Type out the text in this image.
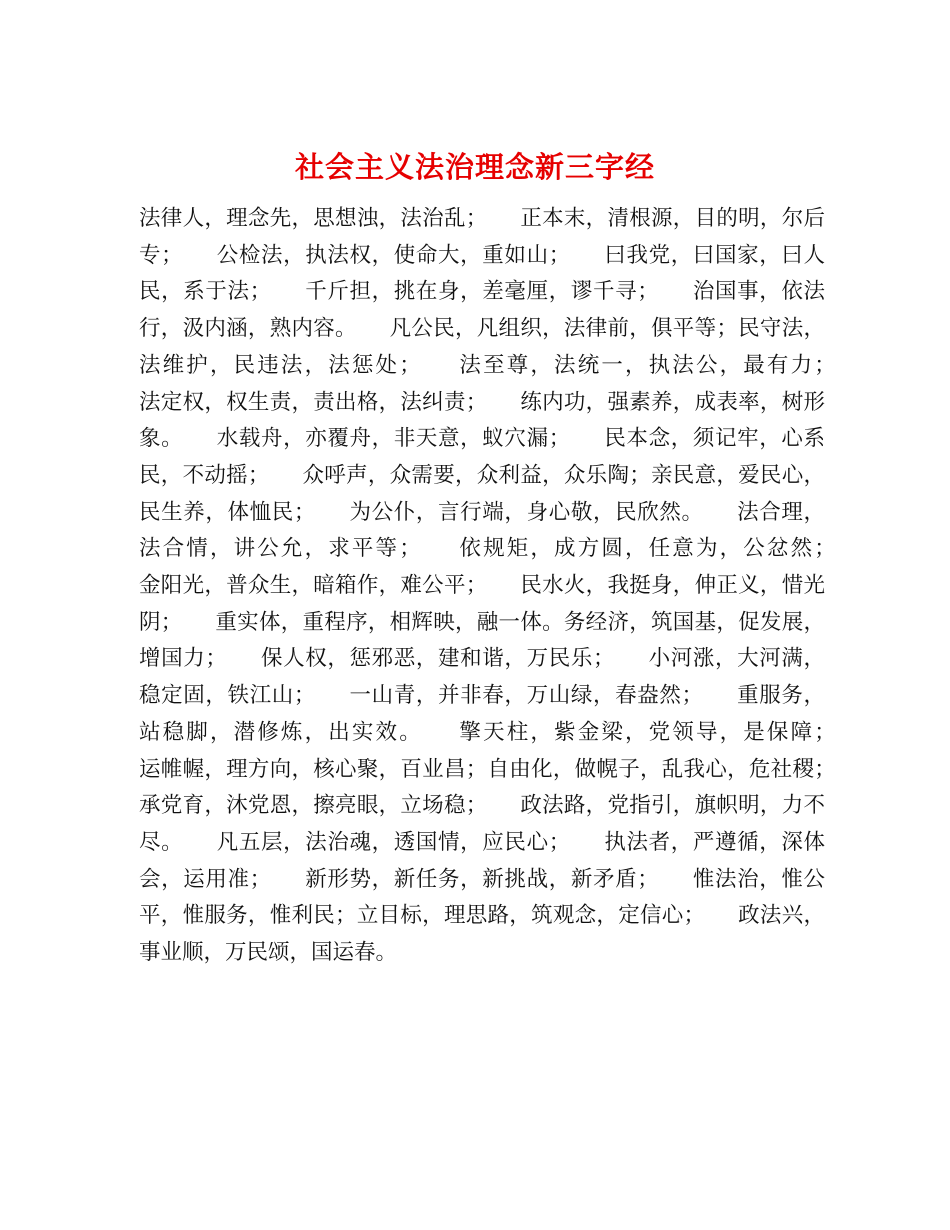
社会主义法治理念新三字经

法律人，理念先，思想浊，法治乱；　　正本末，清根源，目的明，尔后专；　　公检法，执法权，使命大，重如山；　　曰我党，曰国家，曰人民，系于法；　　千斤担，挑在身，差毫厘，谬千寻；　　治国事，依法行，汲内涵，熟内容。　　凡公民，凡组织，法律前，俱平等；民守法，法维护，民违法，法惩处；　　法至尊，法统一，执法公，最有力；　　法定权，权生责，责出格，法纠责；　　练内功，强素养，成表率，树形象。　　水载舟，亦覆舟，非天意，蚁穴漏；　　民本念，须记牢，心系民，不动摇；　　众呼声，众需要，众利益，众乐陶；亲民意，爱民心，民生养，体恤民；　　为公仆，言行端，身心敬，民欣然。　　法合理，法合情，讲公允，求平等；　　依规矩，成方圆，任意为，公忿然；　　金阳光，普众生，暗箱作，难公平；　　民水火，我挺身，伸正义，惜光阴；　　重实体，重程序，相辉映，融一体。务经济，筑国基，促发展，增国力；　　保人权，惩邪恶，建和谐，万民乐；　　小河涨，大河满，稳定固，铁江山；　　一山青，并非春，万山绿，春盎然；　　重服务，站稳脚，潜修炼，出实效。　　擎天柱，紫金梁，党领导，是保障；　　运帷幄，理方向，核心聚，百业昌；自由化，做幌子，乱我心，危社稷；　　承党育，沐党恩，擦亮眼，立场稳；　　政法路，党指引，旗帜明，力不尽。　　凡五层，法治魂，透国情，应民心；　　执法者，严遵循，深体会，运用准；　　新形势，新任务，新挑战，新矛盾；　　惟法治，惟公平，惟服务，惟利民；立目标，理思路，筑观念，定信心；　　政法兴，事业顺，万民颂，国运春。
